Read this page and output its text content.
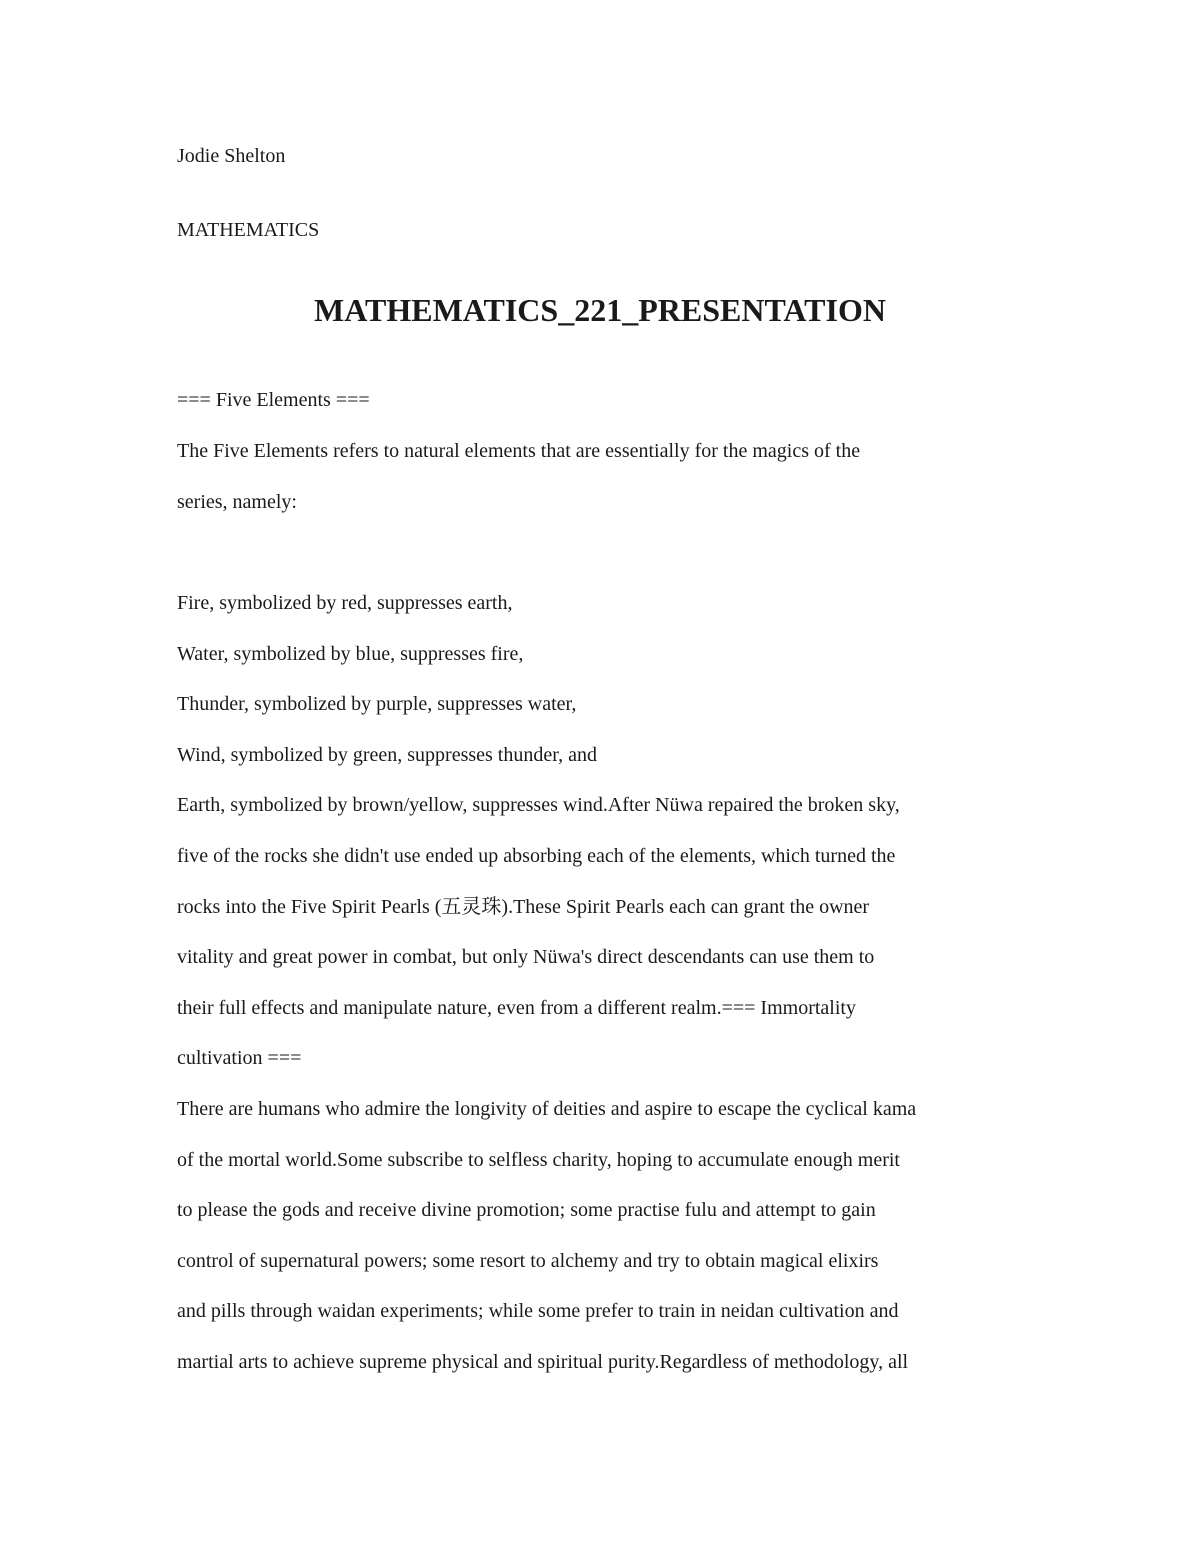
Jodie Shelton
MATHEMATICS
MATHEMATICS_221_PRESENTATION
=== Five Elements ===
The Five Elements refers to natural elements that are essentially for the magics of the
series, namely:
Fire, symbolized by red, suppresses earth,
Water, symbolized by blue, suppresses fire,
Thunder, symbolized by purple, suppresses water,
Wind, symbolized by green, suppresses thunder, and
Earth, symbolized by brown/yellow, suppresses wind.After Nüwa repaired the broken sky,
five of the rocks she didn't use ended up absorbing each of the elements, which turned the
rocks into the Five Spirit Pearls (五灵珠).These Spirit Pearls each can grant the owner
vitality and great power in combat, but only Nüwa's direct descendants can use them to
their full effects and manipulate nature, even from a different realm.=== Immortality
cultivation ===
There are humans who admire the longivity of deities and aspire to escape the cyclical kama
of the mortal world.Some subscribe to selfless charity, hoping to accumulate enough merit
to please the gods and receive divine promotion; some practise fulu and attempt to gain
control of supernatural powers; some resort to alchemy and try to obtain magical elixirs
and pills through waidan experiments; while some prefer to train in neidan cultivation and
martial arts to achieve supreme physical and spiritual purity.Regardless of methodology, all
